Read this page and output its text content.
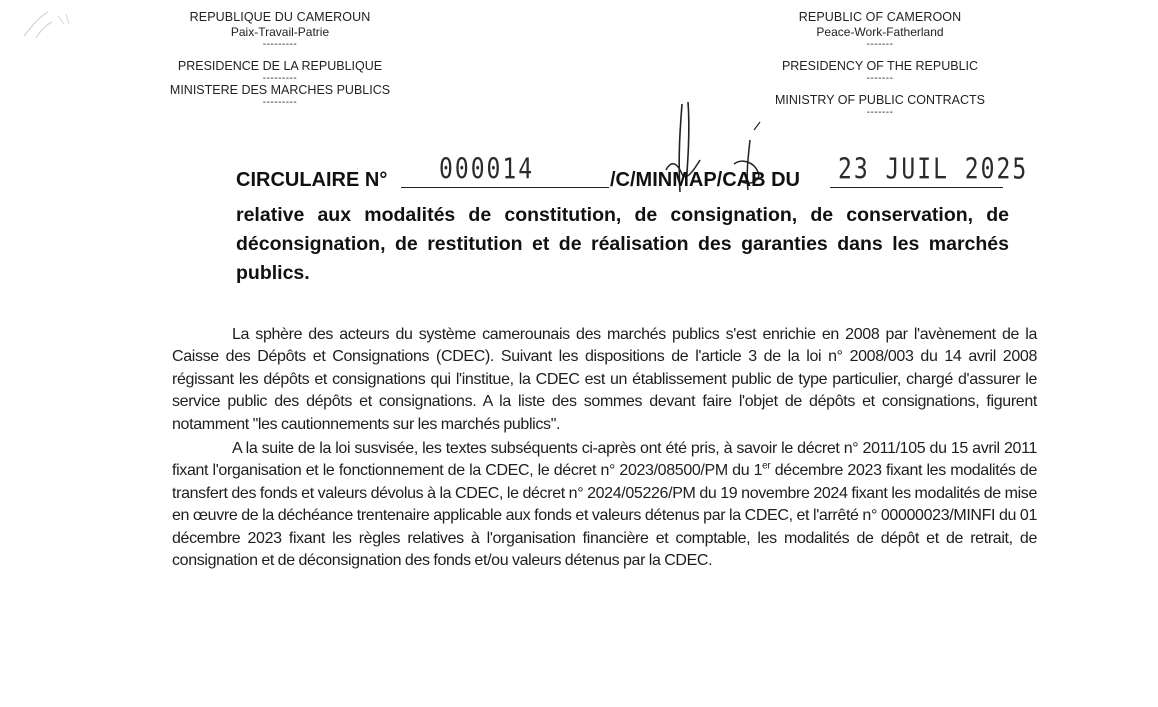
REPUBLIQUE DU CAMEROUN
Paix-Travail-Patrie
---------
PRESIDENCE DE LA REPUBLIQUE
---------
MINISTERE DES MARCHES PUBLICS
---------
REPUBLIC OF CAMEROON
Peace-Work-Fatherland
-------
PRESIDENCY OF THE REPUBLIC
-------
MINISTRY OF PUBLIC CONTRACTS
-------
CIRCULAIRE N° 000014	/C/MINMAP/CAB DU 23 JUIL 2025
relative aux modalités de constitution, de consignation, de conservation, de déconsignation, de restitution et de réalisation des garanties dans les marchés publics.

La sphère des acteurs du système camerounais des marchés publics s'est enrichie en 2008 par l'avènement de la Caisse des Dépôts et Consignations (CDEC). Suivant les dispositions de l'article 3 de la loi n° 2008/003 du 14 avril 2008 régissant les dépôts et consignations qui l'institue, la CDEC est un établissement public de type particulier, chargé d'assurer le service public des dépôts et consignations. A la liste des sommes devant faire l'objet de dépôts et consignations, figurent notamment "les cautionnements sur les marchés publics".

A la suite de la loi susvisée, les textes subséquents ci-après ont été pris, à savoir le décret n° 2011/105 du 15 avril 2011 fixant l'organisation et le fonctionnement de la CDEC, le décret n° 2023/08500/PM du 1er décembre 2023 fixant les modalités de transfert des fonds et valeurs dévolus à la CDEC, le décret n° 2024/05226/PM du 19 novembre 2024 fixant les modalités de mise en œuvre de la déchéance trentenaire applicable aux fonds et valeurs détenus par la CDEC, et l'arrêté n° 00000023/MINFI du 01 décembre 2023 fixant les règles relatives à l'organisation financière et comptable, les modalités de dépôt et de retrait, de consignation et de déconsignation des fonds et/ou valeurs détenus par la CDEC.
